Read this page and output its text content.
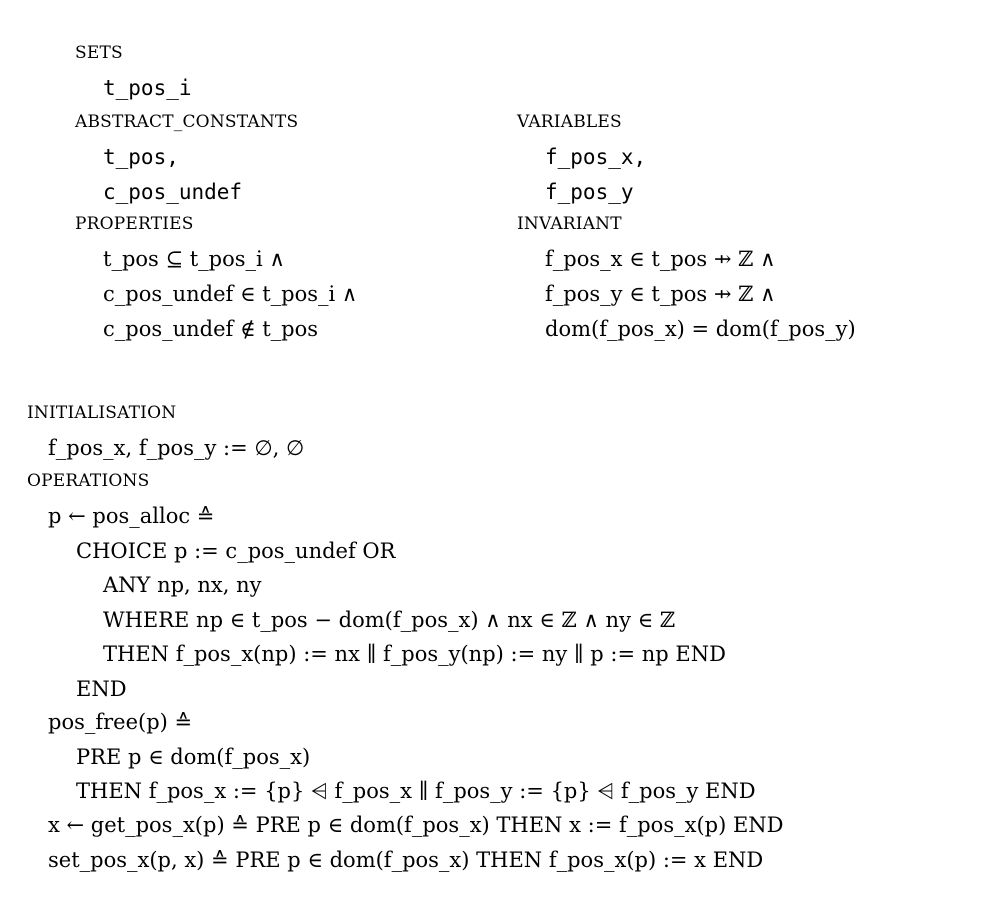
SETS
t_pos_i
ABSTRACT_CONSTANTS
t_pos,
c_pos_undef
PROPERTIES
t_pos ⊆ t_pos_i ∧
c_pos_undef ∈ t_pos_i ∧
c_pos_undef ∉ t_pos
VARIABLES
f_pos_x,
f_pos_y
INVARIANT
f_pos_x ∈ t_pos ⇸ ℤ ∧
f_pos_y ∈ t_pos ⇸ ℤ ∧
dom(f_pos_x) = dom(f_pos_y)
INITIALISATION
f_pos_x, f_pos_y := ∅, ∅
OPERATIONS
p ← pos_alloc ≙
CHOICE p := c_pos_undef OR
ANY np, nx, ny
WHERE np ∈ t_pos − dom(f_pos_x) ∧ nx ∈ ℤ ∧ ny ∈ ℤ
THEN f_pos_x(np) := nx ∥ f_pos_y(np) := ny ∥ p := np END
END
pos_free(p) ≙
PRE p ∈ dom(f_pos_x)
THEN f_pos_x := {p} ⩤ f_pos_x ∥ f_pos_y := {p} ⩤ f_pos_y END
x ← get_pos_x(p) ≙ PRE p ∈ dom(f_pos_x) THEN x := f_pos_x(p) END
set_pos_x(p, x) ≙ PRE p ∈ dom(f_pos_x) THEN f_pos_x(p) := x END
